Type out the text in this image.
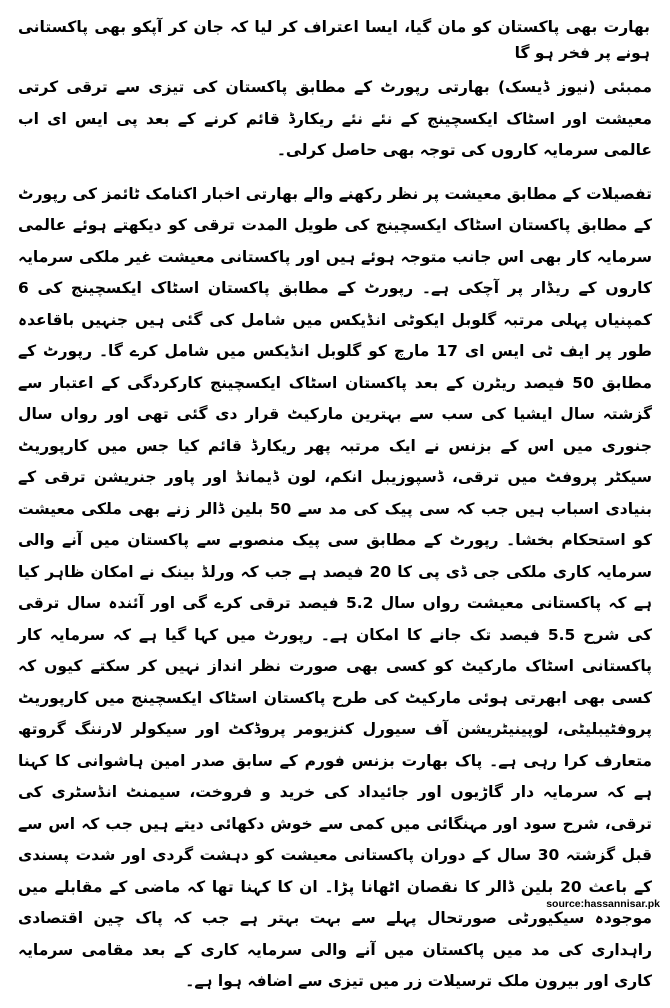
بھارت بھی پاکستان کو مان گیا، ایسا اعتراف کر لیا کہ جان کر آپکو بھی پاکستانی ہونے پر فخر ہو گا

ممبئی (نیوز ڈیسک) بھارتی رپورٹ کے مطابق پاکستان کی تیزی سے ترقی کرتی معیشت اور اسٹاک ایکسچینج کے نئے نئے ریکارڈ قائم کرنے کے بعد پی ایس ای اب عالمی سرمایہ کاروں کی توجہ بھی حاصل کرلی۔

تفصیلات کے مطابق معیشت پر نظر رکھنے والے بھارتی اخبار اکنامک ٹائمز کی رپورٹ کے مطابق پاکستان اسٹاک ایکسچینج کی طویل المدت ترقی کو دیکھتے ہوئے عالمی سرمایہ کار بھی اس جانب متوجہ ہوئے ہیں اور پاکستانی معیشت غیر ملکی سرمایہ کاروں کے ریڈار پر آچکی ہے۔ رپورٹ کے مطابق پاکستان اسٹاک ایکسچینج کی 6 کمپنیاں پہلی مرتبہ گلوبل ایکوٹی انڈیکس میں شامل کی گئی ہیں جنہیں باقاعدہ طور پر ایف ٹی ایس ای 17 مارچ کو گلوبل انڈیکس میں شامل کرے گا۔ رپورٹ کے مطابق 50 فیصد ریٹرن کے بعد پاکستان اسٹاک ایکسچینج کارکردگی کے اعتبار سے گزشتہ سال ایشیا کی سب سے بہترین مارکیٹ قرار دی گئی تھی اور رواں سال جنوری میں اس کے بزنس نے ایک مرتبہ پھر ریکارڈ قائم کیا جس میں کارپوریٹ سیکٹر پروفٹ میں ترقی، ڈسپوزیبل انکم، لون ڈیمانڈ اور پاور جنریشن ترقی کے بنیادی اسباب ہیں جب کہ سی پیک کی مد سے 50 بلین ڈالر زنے بھی ملکی معیشت کو استحکام بخشا۔ رپورٹ کے مطابق سی پیک منصوبے سے پاکستان میں آنے والی سرمایہ کاری ملکی جی ڈی پی کا 20 فیصد ہے جب کہ ورلڈ بینک نے امکان ظاہر کیا ہے کہ پاکستانی معیشت رواں سال 5.2 فیصد ترقی کرے گی اور آئندہ سال ترقی کی شرح 5.5 فیصد تک جانے کا امکان ہے۔ رپورٹ میں کہا گیا ہے کہ سرمایہ کار پاکستانی اسٹاک مارکیٹ کو کسی بھی صورت نظر انداز نہیں کر سکتے کیوں کہ کسی بھی ابھرتی ہوئی مارکیٹ کی طرح پاکستان اسٹاک ایکسچینج میں کارپوریٹ پروفٹیبلیٹی، لوپینیٹریشن آف سیورل کنزیومر پروڈکٹ اور سیکولر لارننگ گروتھ متعارف کرا رہی ہے۔ پاک بھارت بزنس فورم کے سابق صدر امین ہاشوانی کا کہنا ہے کہ سرمایہ دار گاڑیوں اور جائیداد کی خرید و فروخت، سیمنٹ انڈسٹری کی ترقی، شرح سود اور مہنگائی میں کمی سے خوش دکھائی دیتے ہیں جب کہ اس سے قبل گزشتہ 30 سال کے دوران پاکستانی معیشت کو دہشت گردی اور شدت پسندی کے باعث 20 بلین ڈالر کا نقصان اٹھانا پڑا۔ ان کا کہنا تھا کہ ماضی کے مقابلے میں موجودہ سیکیورٹی صورتحال پہلے سے بہت بہتر ہے جب کہ پاک چین اقتصادی راہداری کی مد میں پاکستان میں آنے والی سرمایہ کاری کے بعد مقامی سرمایہ کاری اور بیرون ملک ترسیلات زر میں تیزی سے اضافہ ہوا ہے۔

source:hassannisar.pk
